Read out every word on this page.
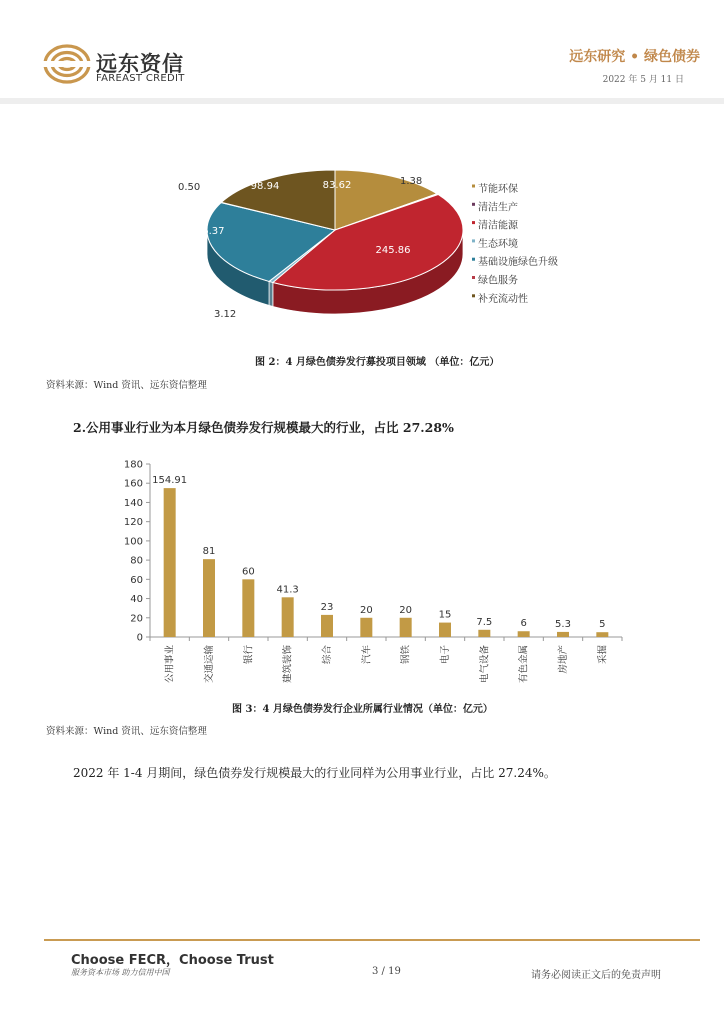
远东资信
FAREAST CREDIT
远东研究 • 绿色债券
2022 年 5 月 11 日
83.62	1.38
245.86
3.12
136.37
0.50	98.94	节能环保
清洁生产
清洁能源
生态环境
基础设施绿色升级
绿色服务
补充流动性
图 2：4 月绿色债券发行募投项目领域 （单位：亿元）
资料来源：Wind 资讯、远东资信整理
2.公用事业行业为本月绿色债券发行规模最大的行业，占比 27.28%
0
20
40
60
80
100
120
140
160
180
154.91
公用事业
81
交通运输
60
银行
41.3
建筑装饰
23
综合
20
汽车
20
钢铁
15
电子
7.5
电气设备
6
有色金属
5.3
房地产
5
采掘
图 3：4 月绿色债券发行企业所属行业情况（单位：亿元）
资料来源：Wind 资讯、远东资信整理
2022 年 1-4 月期间，绿色债券发行规模最大的行业同样为公用事业行业，占比 27.24%。
Choose FECR，Choose Trust
服务资本市场 助力信用中国	3 / 19	请务必阅读正文后的免责声明
